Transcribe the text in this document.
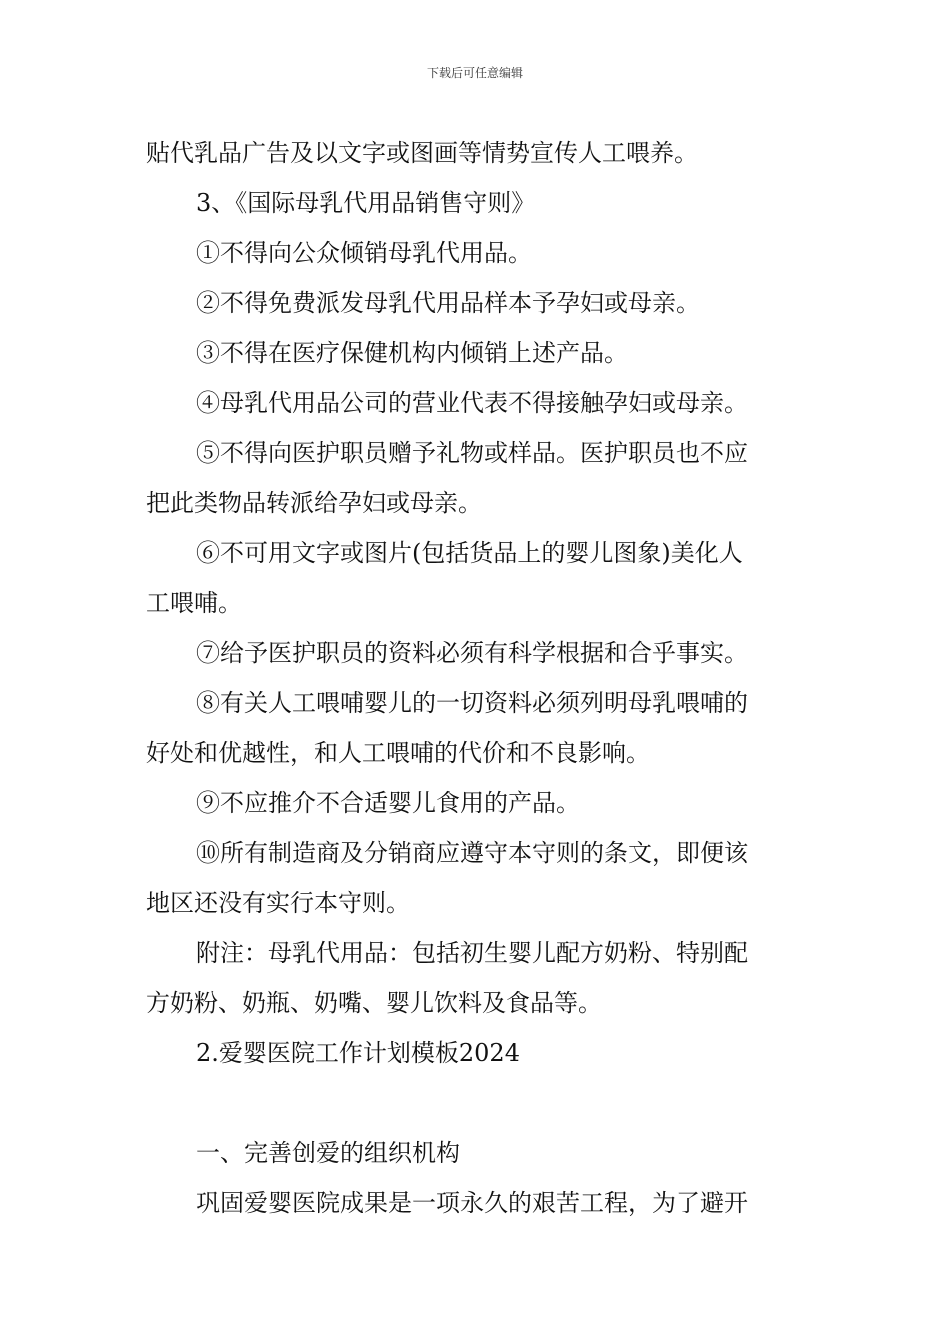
下载后可任意编辑
贴代乳品广告及以文字或图画等情势宣传人工喂养。
3、《国际母乳代用品销售守则》
①不得向公众倾销母乳代用品。
②不得免费派发母乳代用品样本予孕妇或母亲。
③不得在医疗保健机构内倾销上述产品。
④母乳代用品公司的营业代表不得接触孕妇或母亲。
⑤不得向医护职员赠予礼物或样品。医护职员也不应
把此类物品转派给孕妇或母亲。
⑥不可用文字或图片(包括货品上的婴儿图象)美化人
工喂哺。
⑦给予医护职员的资料必须有科学根据和合乎事实。
⑧有关人工喂哺婴儿的一切资料必须列明母乳喂哺的
好处和优越性，和人工喂哺的代价和不良影响。
⑨不应推介不合适婴儿食用的产品。
⑩所有制造商及分销商应遵守本守则的条文，即便该
地区还没有实行本守则。
附注：母乳代用品：包括初生婴儿配方奶粉、特别配
方奶粉、奶瓶、奶嘴、婴儿饮料及食品等。
2.爱婴医院工作计划模板2024
一、完善创爱的组织机构
巩固爱婴医院成果是一项永久的艰苦工程，为了避开
